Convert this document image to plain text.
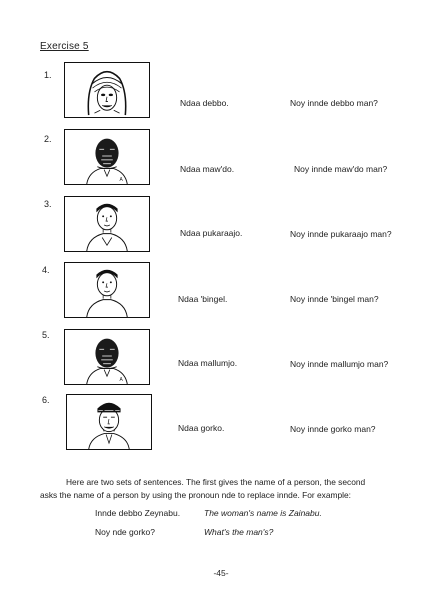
Exercise 5
1.
Ndaa debbo.	Noy innde debbo man?
2.
A
Ndaa maw'do.	Noy innde maw'do man?
3.
Ndaa pukaraajo.	Noy innde pukaraajo man?
4.
Ndaa 'bingel.	Noy innde 'bingel man?
5.
A
Ndaa mallumjo.	Noy innde mallumjo man?
6.
Ndaa gorko.	Noy innde gorko man?
Here are two sets of sentences. The first gives the name of a person, the second
asks the name of a person by using the pronoun nde to replace innde. For example:
Innde debbo Zeynabu.	The woman's name is Zainabu.
Noy nde gorko?	What's the man's?
-45-
